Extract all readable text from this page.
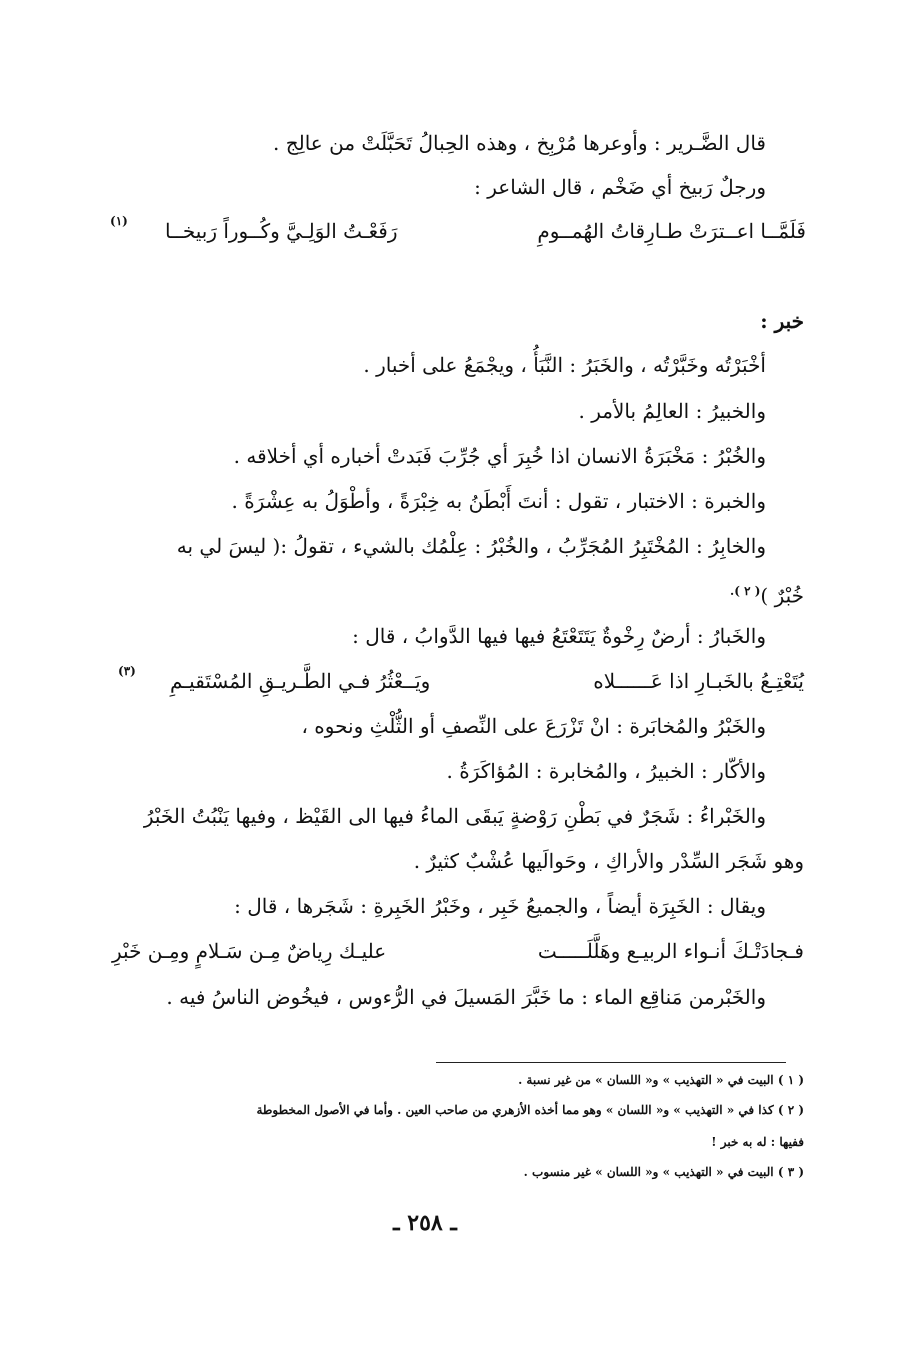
قال الضَّـرير : وأوعرها مُرْبِخ ، وهذه الحِبالُ تَحَبَّلَتْ من عالِج .
ورجلٌ رَبيخ أي ضَخْم ، قال الشاعر :
فَلَمَّــا اعــترَتْ طـارِقاتُ الهُمــومِ
رَفَعْـتُ الوَلِـيَّ وكُــوراً رَبيخــا
(١)
خبر :
أخْبَرْتُه وخَبَّرْتُه ، والخَبَرُ : النَّبَأُ ، ويجْمَعُ على أخبار .
والخبيرُ : العالِمُ بالأمر .
والخُبْرُ : مَخْبَرَةُ الانسان اذا خُبِرَ أي جُرِّبَ فَبَدتْ أخباره أي أخلاقه .
والخبرة : الاختبار ، تقول : أنتَ أَبْطَنُ به خِبْرَةً ، وأطْوَلُ به عِشْرَةً .
والخابِرُ : المُخْتَبِرُ المُجَرِّبُ ، والخُبْرُ : عِلْمُك بالشيء ، تقولُ :( ليسَ لي به
خُبْرٌ )$^{( ٢ ).}$
والخَبارُ : أرضٌ رِخْوةٌ يَتَتَعْتَعُ فيها فيها الدَّوابُ ، قال :
يُتَعْتِـعُ بالخَبـارِ اذا عَــــــلاه
ويَــعْثُرُ فـي الطَّـريـقِ المُسْتَقيـمِ
(٣)
والخَبْرُ والمُخابَرة : انْ تَزْرَعَ على النِّصفِ أو الثُّلْثِ ونحوه ،
والأكّار : الخبيرُ ، والمُخابرة : المُؤاكَرَةُ .
والخَبْراءُ : شَجَرٌ في بَطْنِ رَوْضةٍ يَبقَى الماءُ فيها الى القَيْظ ، وفيها يَنْبُتُ الخَبْرُ
وهو شَجَر السِّدْر والأراكِ ، وحَوالَيها عُشْبٌ كثيرٌ .
ويقال : الخَبِرَة أيضاً ، والجميعُ خَبِر ، وخَبْرُ الخَبِرةِ : شَجَرها ، قال :
فـجادَتْـكَ أنـواء الربيـع وهَلَّلَـــــت
عليـك رِياضٌ مِـن سَـلامٍ ومِـن خَبْرِ
والخَبْرمن مَناقِع الماء : ما خَبَّرَ المَسيلَ في الرُّءوس ، فيخُوض الناسُ فيه .
( ١ ) البيت في « التهذيب » و« اللسان » من غير نسبة .
( ٢ ) كذا في « التهذيب » و« اللسان » وهو مما أخذه الأزهري من صاحب العين . وأما في الأصول المخطوطة
ففيها : له به خبر !
( ٣ ) البيت في « التهذيب » و« اللسان » غير منسوب .
ـ ٢٥٨ ـ
